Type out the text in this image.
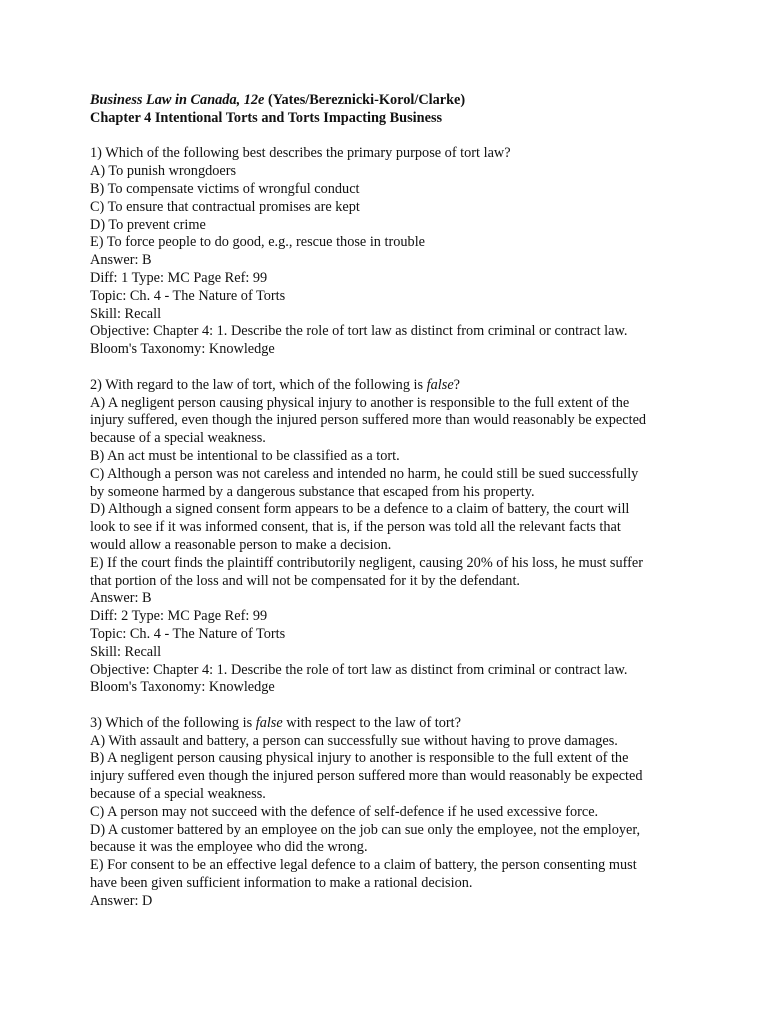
Business Law in Canada, 12e (Yates/Bereznicki-Korol/Clarke)
Chapter 4 Intentional Torts and Torts Impacting Business
1) Which of the following best describes the primary purpose of tort law?
A) To punish wrongdoers
B) To compensate victims of wrongful conduct
C) To ensure that contractual promises are kept
D) To prevent crime
E) To force people to do good, e.g., rescue those in trouble
Answer: B
Diff: 1 Type: MC Page Ref: 99
Topic: Ch. 4 - The Nature of Torts
Skill: Recall
Objective: Chapter 4: 1. Describe the role of tort law as distinct from criminal or contract law.
Bloom's Taxonomy: Knowledge
2) With regard to the law of tort, which of the following is false?
A) A negligent person causing physical injury to another is responsible to the full extent of the
injury suffered, even though the injured person suffered more than would reasonably be expected
because of a special weakness.
B) An act must be intentional to be classified as a tort.
C) Although a person was not careless and intended no harm, he could still be sued successfully
by someone harmed by a dangerous substance that escaped from his property.
D) Although a signed consent form appears to be a defence to a claim of battery, the court will
look to see if it was informed consent, that is, if the person was told all the relevant facts that
would allow a reasonable person to make a decision.
E) If the court finds the plaintiff contributorily negligent, causing 20% of his loss, he must suffer
that portion of the loss and will not be compensated for it by the defendant.
Answer: B
Diff: 2 Type: MC Page Ref: 99
Topic: Ch. 4 - The Nature of Torts
Skill: Recall
Objective: Chapter 4: 1. Describe the role of tort law as distinct from criminal or contract law.
Bloom's Taxonomy: Knowledge
3) Which of the following is false with respect to the law of tort?
A) With assault and battery, a person can successfully sue without having to prove damages.
B) A negligent person causing physical injury to another is responsible to the full extent of the
injury suffered even though the injured person suffered more than would reasonably be expected
because of a special weakness.
C) A person may not succeed with the defence of self-defence if he used excessive force.
D) A customer battered by an employee on the job can sue only the employee, not the employer,
because it was the employee who did the wrong.
E) For consent to be an effective legal defence to a claim of battery, the person consenting must
have been given sufficient information to make a rational decision.
Answer: D
